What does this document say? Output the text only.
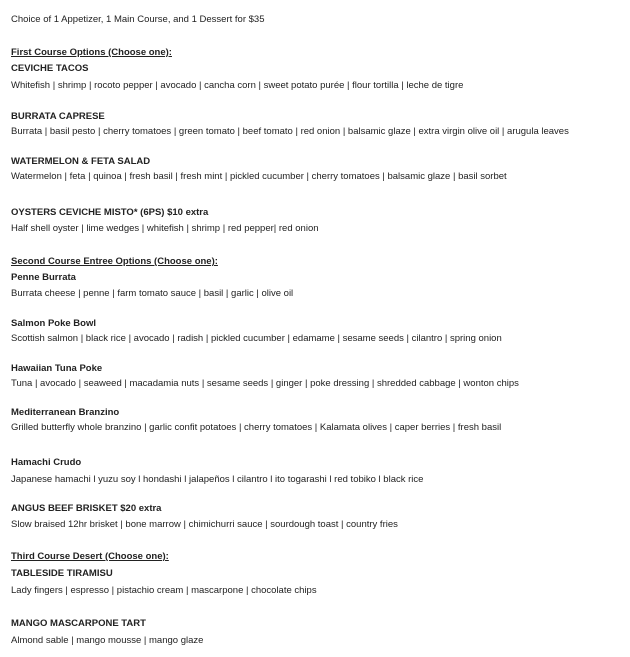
Choice of 1 Appetizer, 1 Main Course, and 1 Dessert for $35
First Course Options (Choose one):
CEVICHE TACOS
Whitefish | shrimp | rocoto pepper | avocado | cancha corn | sweet potato purée | flour tortilla | leche de tigre
BURRATA CAPRESE
Burrata | basil pesto | cherry tomatoes | green tomato | beef tomato | red onion | balsamic glaze | extra virgin olive oil | arugula leaves
WATERMELON & FETA SALAD
Watermelon | feta | quinoa | fresh basil | fresh mint | pickled cucumber | cherry tomatoes | balsamic glaze | basil sorbet
OYSTERS CEVICHE MISTO* (6PS) $10 extra
Half shell oyster | lime wedges | whitefish | shrimp | red pepper| red onion
Second Course Entree Options (Choose one):
Penne Burrata
Burrata cheese | penne | farm tomato sauce | basil | garlic | olive oil
Salmon Poke Bowl
Scottish salmon | black rice | avocado | radish | pickled cucumber | edamame | sesame seeds | cilantro | spring onion
Hawaiian Tuna Poke
Tuna | avocado | seaweed | macadamia nuts | sesame seeds | ginger | poke dressing | shredded cabbage | wonton chips
Mediterranean Branzino
Grilled butterfly whole branzino | garlic confit potatoes | cherry tomatoes | Kalamata olives | caper berries | fresh basil
Hamachi Crudo
Japanese hamachi l yuzu soy l hondashi l jalapeños l cilantro l ito togarashi l red tobiko l black rice
ANGUS BEEF BRISKET $20 extra
Slow braised 12hr brisket | bone marrow | chimichurri sauce | sourdough toast | country fries
Third Course Desert (Choose one):
TABLESIDE TIRAMISU
Lady fingers | espresso | pistachio cream | mascarpone | chocolate chips
MANGO MASCARPONE TART
Almond sable | mango mousse | mango glaze
